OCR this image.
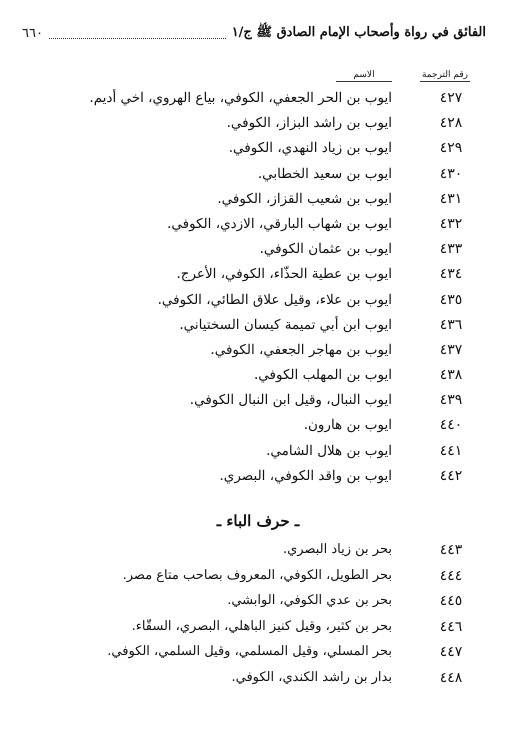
الفائق في رواة وأصحاب الإمام الصادق ﷺ ج/١
٦٦٠
رقم الترجمة
الاسم
٤٢٧
ايوب بن الحر الجعفي، الكوفي، بياع الهروي، اخي أديم.
٤٢٨
ايوب بن راشد البزاز، الكوفي.
٤٢٩
ايوب بن زياد النهدي، الكوفي.
٤٣٠
ايوب بن سعيد الخطابي.
٤٣١
ايوب بن شعيب القزاز، الكوفي.
٤٣٢
ايوب بن شهاب البارقي، الازدي، الكوفي.
٤٣٣
ايوب بن عثمان الكوفي.
٤٣٤
ايوب بن عطية الحذّاء، الكوفي، الأعرج.
٤٣٥
ايوب بن علاء، وقيل علاق الطائي، الكوفي.
٤٣٦
ايوب ابن أبي تميمة كيسان السختياني.
٤٣٧
ايوب بن مهاجر الجعفي، الكوفي.
٤٣٨
ايوب بن المهلب الكوفي.
٤٣٩
ايوب النبال، وقيل ابن النبال الكوفي.
٤٤٠
ايوب بن هارون.
٤٤١
ايوب بن هلال الشامي.
٤٤٢
ايوب بن واقد الكوفي، البصري.
ـ حرف الباء ـ
٤٤٣
بحر بن زياد البصري.
٤٤٤
بحر الطويل، الكوفي، المعروف بصاحب متاع مصر.
٤٤٥
بحر بن عدي الكوفي، الوابشي.
٤٤٦
بحر بن كثير، وقيل كنيز الباهلي، البصري، السقّاء.
٤٤٧
بحر المسلي، وقيل المسلمي، وقيل السلمي، الكوفي.
٤٤٨
بدار بن راشد الكندي، الكوفي.
